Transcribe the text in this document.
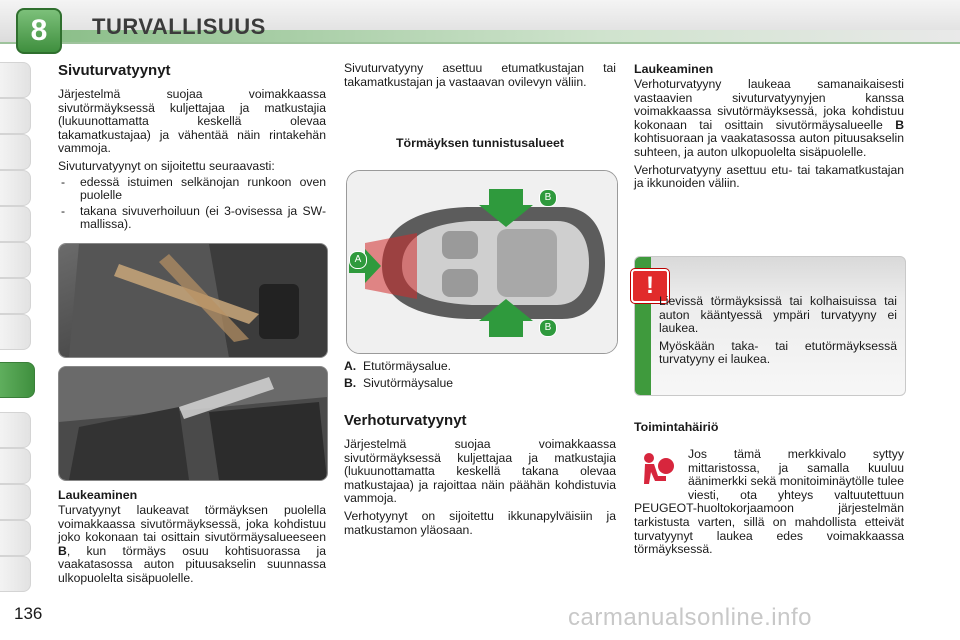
8	TURVALLISUUS
Sivuturvatyynyt

Järjestelmä suojaa voimakkaassa sivutörmäyksessä kuljettajaa ja matkustajia (lukuunottamatta keskellä olevaa takamatkustajaa) ja vähentää näin rintakehän vammoja.

Sivuturvatyynyt on sijoitettu seuraavasti:

- edessä istuimen selkänojan runkoon oven puolelle
- takana sivuverhoiluun (ei 3-ovisessa ja SW-mallissa).
Laukeaminen

Turvatyynyt laukeavat törmäyksen puolella voimakkaassa sivutörmäyksessä, joka kohdistuu joko kokonaan tai osittain sivutörmäysalueeseen B, kun törmäys osuu kohtisuorassa ja vaakatasossa auton pituusakselin suunnassa ulkopuolelta sisäpuolelle.

Sivuturvatyyny asettuu etumatkustajan tai takamatkustajan ja vastaavan ovilevyn väliin.
Törmäyksen tunnistusalueet
A
B
B

A. Etutörmäysalue.

B. Sivutörmäysalue

Verhoturvatyynyt

Järjestelmä suojaa voimakkaassa sivutörmäyksessä kuljettajaa ja matkustajia (lukuunottamatta keskellä takana olevaa matkustajaa) ja rajoittaa näin päähän kohdistuvia vammoja.

Verhotyynyt on sijoitettu ikkunapylväisiin ja matkustamon yläosaan.

Laukeaminen

Verhoturvatyyny laukeaa samanaikaisesti vastaavien sivuturvatyynyjen kanssa voimakkaassa sivutörmäyksessä, joka kohdistuu kokonaan tai osittain sivutörmäysalueelle B kohtisuoraan ja vaakatasossa auton pituusakselin suhteen, ja auton ulkopuolelta sisäpuolelle.

Verhoturvatyyny asettuu etu- tai takamatkustajan ja ikkunoiden väliin.

!

Lievissä törmäyksissä tai kolhaisuissa tai auton kääntyessä ympäri turvatyyny ei laukea.

Myöskään taka- tai etutörmäyksessä turvatyyny ei laukea.

Toimintahäiriö

Jos tämä merkkivalo syttyy mittaristossa, ja samalla kuuluu äänimerkki sekä monitoiminäytölle tulee viesti, ota yhteys valtuutettuun PEUGEOT-huoltokorjaamoon järjestelmän tarkistusta varten, sillä on mahdollista etteivät turvatyynyt laukea edes voimakkaassa törmäyksessä.

136	carmanualsonline.info
